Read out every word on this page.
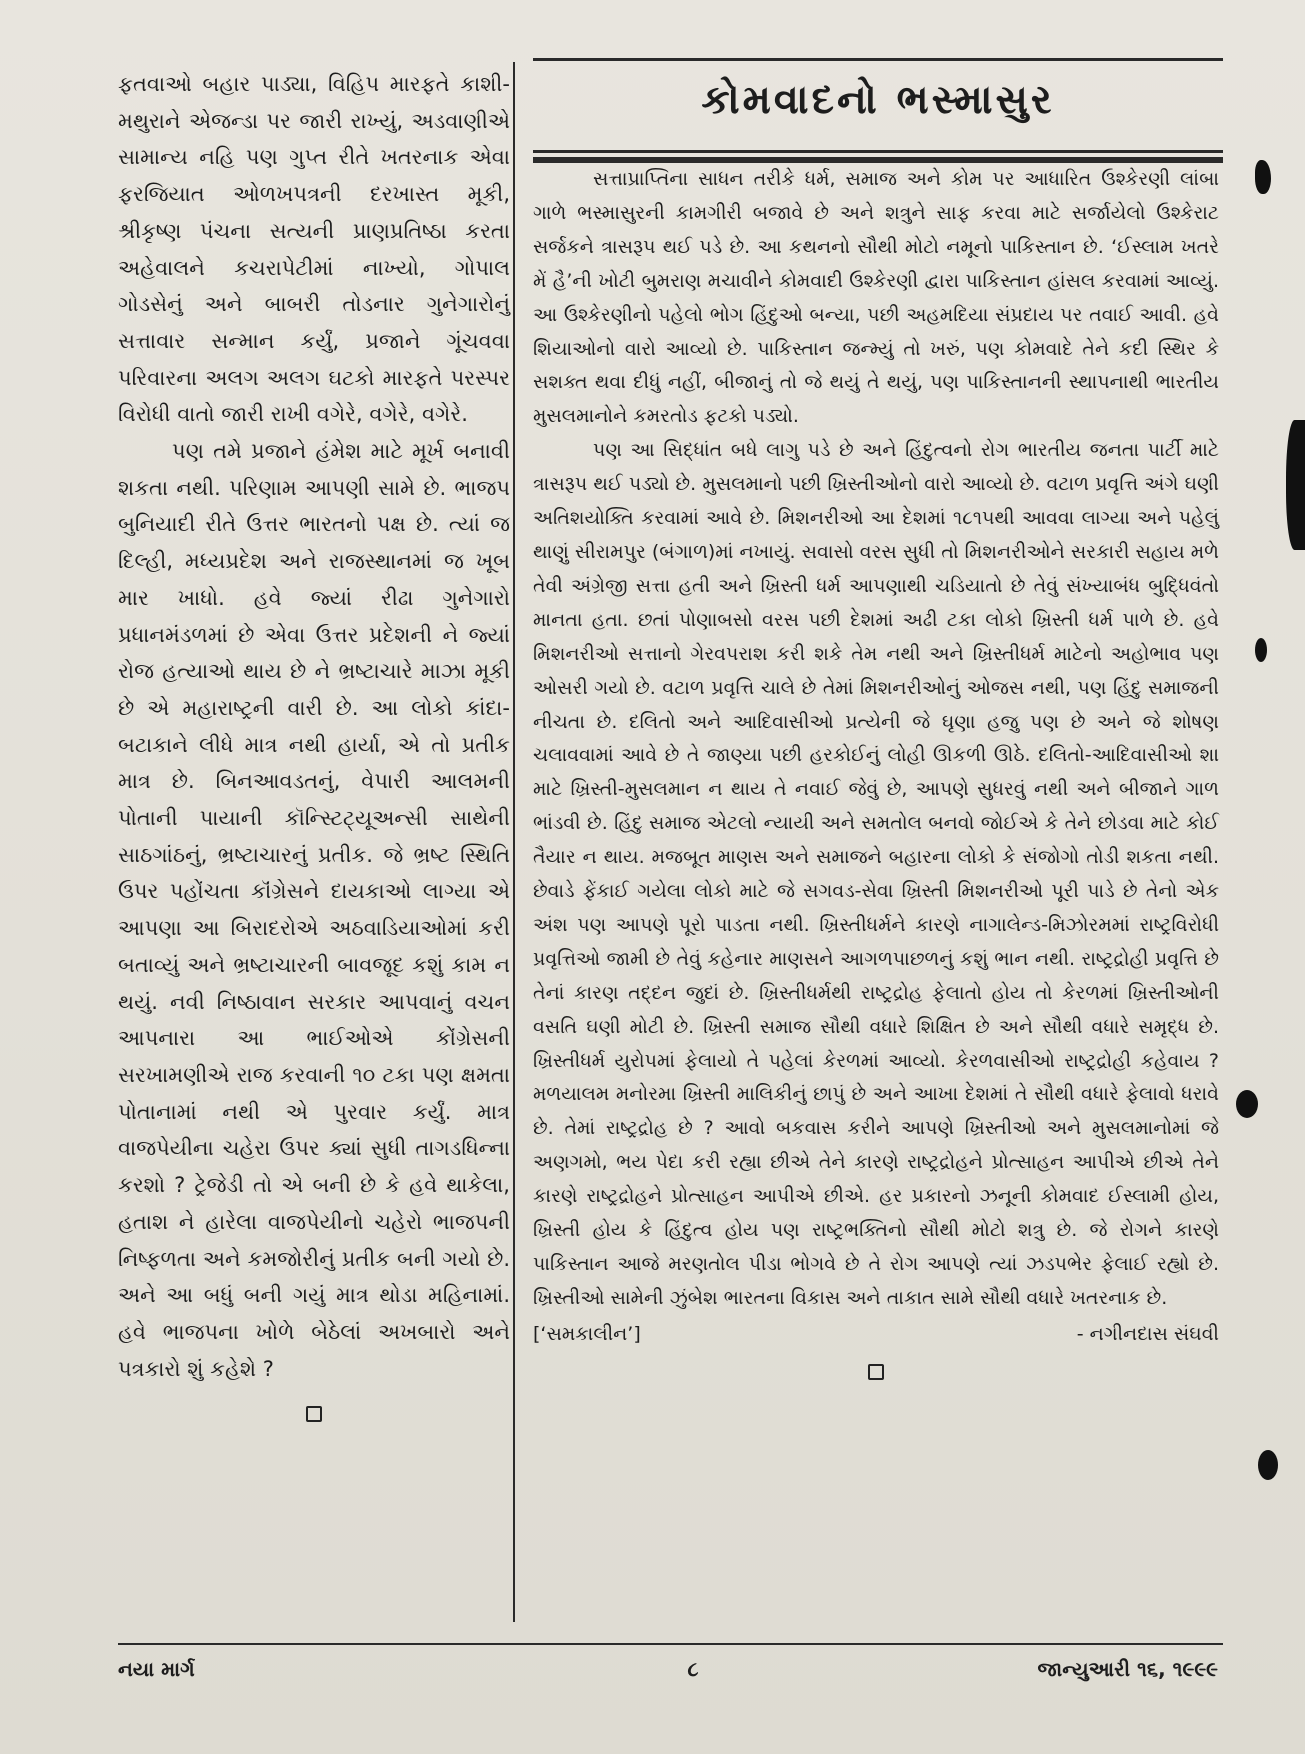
ફતવાઓ બહાર પાડ્યા, વિહિપ મારફતે કાશી-મથુરાને એજન્ડા પર જારી રાખ્યું, અડવાણીએ સામાન્ય નહિ પણ ગુપ્ત રીતે ખતરનાક એવા ફરજિયાત ઓળખપત્રની દરખાસ્ત મૂકી, શ્રીકૃષ્ણ પંચના સત્યની પ્રાણપ્રતિષ્ઠા કરતા અહેવાલને કચરાપેટીમાં નાખ્યો, ગોપાલ ગોડસેનું અને બાબરી તોડનાર ગુનેગારોનું સત્તાવાર સન્માન કર્યું, પ્રજાને ગૂંચવવા પરિવારના અલગ અલગ ઘટકો મારફતે પરસ્પર વિરોધી વાતો જારી રાખી વગેરે, વગેરે, વગેરે.

પણ તમે પ્રજાને હંમેશ માટે મૂર્ખ બનાવી શકતા નથી. પરિણામ આપણી સામે છે. ભાજપ બુનિયાદી રીતે ઉત્તર ભારતનો પક્ષ છે. ત્યાં જ દિલ્હી, મધ્યપ્રદેશ અને રાજસ્થાનમાં જ ખૂબ માર ખાધો. હવે જ્યાં રીઢા ગુનેગારો પ્રધાનમંડળમાં છે એવા ઉત્તર પ્રદેશની ને જ્યાં રોજ હત્યાઓ થાય છે ને ભ્રષ્ટાચારે માઝા મૂકી છે એ મહારાષ્ટ્રની વારી છે. આ લોકો કાંદા-બટાકાને લીધે માત્ર નથી હાર્યા, એ તો પ્રતીક માત્ર છે. બિનઆવડતનું, વેપારી આલમની પોતાની પાયાની કૉન્સ્ટિટ્યૂઅન્સી સાથેની સાઠગાંઠનું, ભ્રષ્ટાચારનું પ્રતીક. જે ભ્રષ્ટ સ્થિતિ ઉપર પહોંચતા કૉંગ્રેસને દાયકાઓ લાગ્યા એ આપણા આ બિરાદરોએ અઠવાડિયાઓમાં કરી બતાવ્યું અને ભ્રષ્ટાચારની બાવજૂદ કશું કામ ન થયું. નવી નિષ્ઠાવાન સરકાર આપવાનું વચન આપનારા આ ભાઈઓએ કોંગ્રેસની સરખામણીએ રાજ કરવાની ૧૦ ટકા પણ ક્ષમતા પોતાનામાં નથી એ પુરવાર કર્યું. માત્ર વાજપેયીના ચહેરા ઉપર ક્યાં સુધી તાગડધિન્ના કરશો ? ટ્રેજેડી તો એ બની છે કે હવે થાકેલા, હતાશ ને હારેલા વાજપેયીનો ચહેરો ભાજપની નિષ્ફળતા અને કમજોરીનું પ્રતીક બની ગયો છે. અને આ બધું બની ગયું માત્ર થોડા મહિનામાં. હવે ભાજપના ખોળે બેઠેલાં અખબારો અને પત્રકારો શું કહેશે ?

કોમવાદનો ભસ્માસુર

સત્તાપ્રાપ્તિના સાધન તરીકે ધર્મ, સમાજ અને કોમ પર આધારિત ઉશ્કેરણી લાંબા ગાળે ભસ્માસુરની કામગીરી બજાવે છે અને શત્રુને સાફ કરવા માટે સર્જાયેલો ઉશ્કેરાટ સર્જકને ત્રાસરૂપ થઈ પડે છે. આ કથનનો સૌથી મોટો નમૂનો પાકિસ્તાન છે. ‘ઈસ્લામ ખતરે મેં હૈ’ની ખોટી બુમરાણ મચાવીને કોમવાદી ઉશ્કેરણી દ્વારા પાકિસ્તાન હાંસલ કરવામાં આવ્યું. આ ઉશ્કેરણીનો પહેલો ભોગ હિંદુઓ બન્યા, પછી અહમદિયા સંપ્રદાય પર તવાઈ આવી. હવે શિયાઓનો વારો આવ્યો છે. પાકિસ્તાન જન્મ્યું તો ખરું, પણ કોમવાદે તેને કદી સ્થિર કે સશક્ત થવા દીધું નહીં, બીજાનું તો જે થયું તે થયું, પણ પાકિસ્તાનની સ્થાપનાથી ભારતીય મુસલમાનોને કમરતોડ ફટકો પડ્યો.

પણ આ સિદ્ધાંત બધે લાગુ પડે છે અને હિંદુત્વનો રોગ ભારતીય જનતા પાર્ટી માટે ત્રાસરૂપ થઈ પડ્યો છે. મુસલમાનો પછી ખ્રિસ્તીઓનો વારો આવ્યો છે. વટાળ પ્રવૃત્તિ અંગે ઘણી અતિશયોક્તિ કરવામાં આવે છે. મિશનરીઓ આ દેશમાં ૧૮૧૫થી આવવા લાગ્યા અને પહેલું થાણું સીરામપુર (બંગાળ)માં નખાયું. સવાસો વરસ સુધી તો મિશનરીઓને સરકારી સહાય મળે તેવી અંગ્રેજી સત્તા હતી અને ખ્રિસ્તી ધર્મ આપણાથી ચડિયાતો છે તેવું સંખ્યાબંધ બુદ્ધિવંતો માનતા હતા. છતાં પોણાબસો વરસ પછી દેશમાં અઢી ટકા લોકો ખ્રિસ્તી ધર્મ પાળે છે. હવે મિશનરીઓ સત્તાનો ગેરવપરાશ કરી શકે તેમ નથી અને ખ્રિસ્તીધર્મ માટેનો અહોભાવ પણ ઓસરી ગયો છે. વટાળ પ્રવૃત્તિ ચાલે છે તેમાં મિશનરીઓનું ઓજસ નથી, પણ હિંદુ સમાજની નીચતા છે. દલિતો અને આદિવાસીઓ પ્રત્યેની જે ઘૃણા હજુ પણ છે અને જે શોષણ ચલાવવામાં આવે છે તે જાણ્યા પછી હરકોઈનું લોહી ઊકળી ઊઠે. દલિતો-આદિવાસીઓ શા માટે ખ્રિસ્તી-મુસલમાન ન થાય તે નવાઈ જેવું છે, આપણે સુધરવું નથી અને બીજાને ગાળ ભાંડવી છે. હિંદુ સમાજ એટલો ન્યાયી અને સમતોલ બનવો જોઈએ કે તેને છોડવા માટે કોઈ તૈયાર ન થાય. મજબૂત માણસ અને સમાજને બહારના લોકો કે સંજોગો તોડી શકતા નથી. છેવાડે ફેંકાઈ ગયેલા લોકો માટે જે સગવડ-સેવા ખ્રિસ્તી મિશનરીઓ પૂરી પાડે છે તેનો એક અંશ પણ આપણે પૂરો પાડતા નથી. ખ્રિસ્તીધર્મને કારણે નાગાલેન્ડ-મિઝોરમમાં રાષ્ટ્રવિરોધી પ્રવૃત્તિઓ જામી છે તેવું કહેનાર માણસને આગળપાછળનું કશું ભાન નથી. રાષ્ટ્રદ્રોહી પ્રવૃત્તિ છે તેનાં કારણ તદ્દન જુદાં છે. ખ્રિસ્તીધર્મથી રાષ્ટ્રદ્રોહ ફેલાતો હોય તો કેરળમાં ખ્રિસ્તીઓની વસતિ ઘણી મોટી છે. ખ્રિસ્તી સમાજ સૌથી વધારે શિક્ષિત છે અને સૌથી વધારે સમૃદ્ધ છે. ખ્રિસ્તીધર્મ યુરોપમાં ફેલાયો તે પહેલાં કેરળમાં આવ્યો. કેરળવાસીઓ રાષ્ટ્રદ્રોહી કહેવાય ? મળયાલમ મનોરમા ખ્રિસ્તી માલિકીનું છાપું છે અને આખા દેશમાં તે સૌથી વધારે ફેલાવો ધરાવે છે. તેમાં રાષ્ટ્રદ્રોહ છે ? આવો બકવાસ કરીને આપણે ખ્રિસ્તીઓ અને મુસલમાનોમાં જે અણગમો, ભય પેદા કરી રહ્યા છીએ તેને કારણે રાષ્ટ્રદ્રોહને પ્રોત્સાહન આપીએ છીએ તેને કારણે રાષ્ટ્રદ્રોહને પ્રોત્સાહન આપીએ છીએ. હર પ્રકારનો ઝનૂની કોમવાદ ઈસ્લામી હોય, ખ્રિસ્તી હોય કે હિંદુત્વ હોય પણ રાષ્ટ્રભક્તિનો સૌથી મોટો શત્રુ છે. જે રોગને કારણે પાકિસ્તાન આજે મરણતોલ પીડા ભોગવે છે તે રોગ આપણે ત્યાં ઝડપભેર ફેલાઈ રહ્યો છે. ખ્રિસ્તીઓ સામેની ઝુંબેશ ભારતના વિકાસ અને તાકાત સામે સૌથી વધારે ખતરનાક છે.

[‘સમકાલીન’]	- નગીનદાસ સંઘવી
નયા માર્ગ	૮	જાન્યુઆરી ૧૬, ૧૯૯૯
